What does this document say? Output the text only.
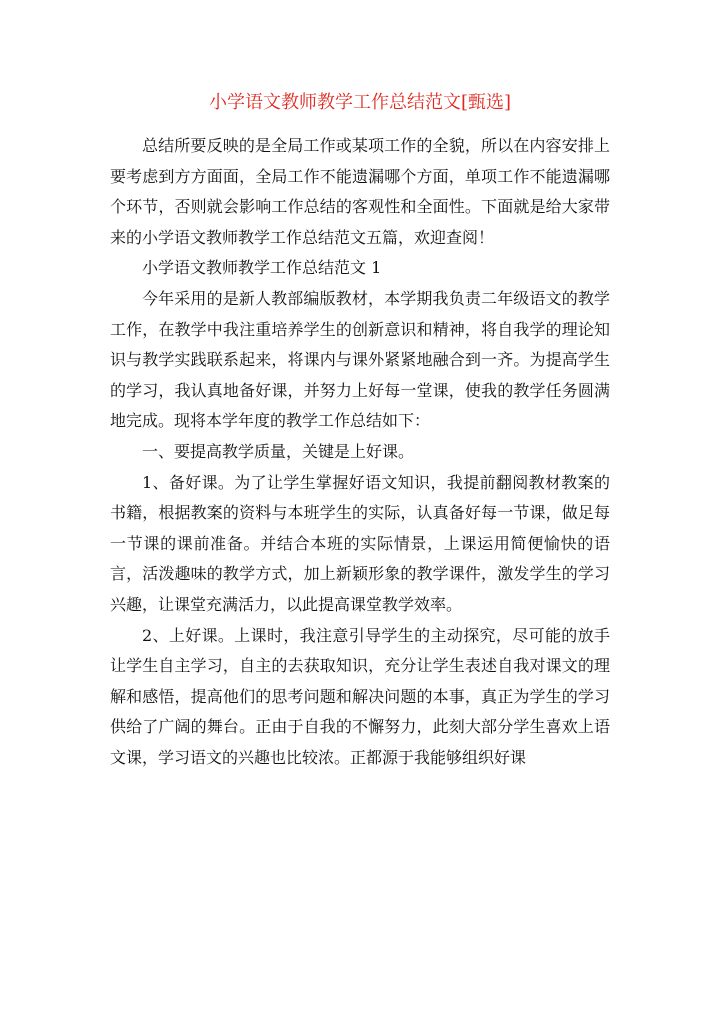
小学语文教师教学工作总结范文[甄选]

总结所要反映的是全局工作或某项工作的全貌，所以在内容安排上要考虑到方方面面，全局工作不能遗漏哪个方面，单项工作不能遗漏哪个环节，否则就会影响工作总结的客观性和全面性。下面就是给大家带来的小学语文教师教学工作总结范文五篇，欢迎查阅！

小学语文教师教学工作总结范文 1

今年采用的是新人教部编版教材，本学期我负责二年级语文的教学工作，在教学中我注重培养学生的创新意识和精神，将自我学的理论知识与教学实践联系起来，将课内与课外紧紧地融合到一齐。为提高学生的学习，我认真地备好课，并努力上好每一堂课，使我的教学任务圆满地完成。现将本学年度的教学工作总结如下：

一、要提高教学质量，关键是上好课。

1、备好课。为了让学生掌握好语文知识，我提前翻阅教材教案的书籍，根据教案的资料与本班学生的实际，认真备好每一节课，做足每一节课的课前准备。并结合本班的实际情景，上课运用简便愉快的语言，活泼趣味的教学方式，加上新颖形象的教学课件，激发学生的学习兴趣，让课堂充满活力，以此提高课堂教学效率。

2、上好课。上课时，我注意引导学生的主动探究，尽可能的放手让学生自主学习，自主的去获取知识，充分让学生表述自我对课文的理解和感悟，提高他们的思考问题和解决问题的本事，真正为学生的学习供给了广阔的舞台。正由于自我的不懈努力，此刻大部分学生喜欢上语文课，学习语文的兴趣也比较浓。正都源于我能够组织好课
